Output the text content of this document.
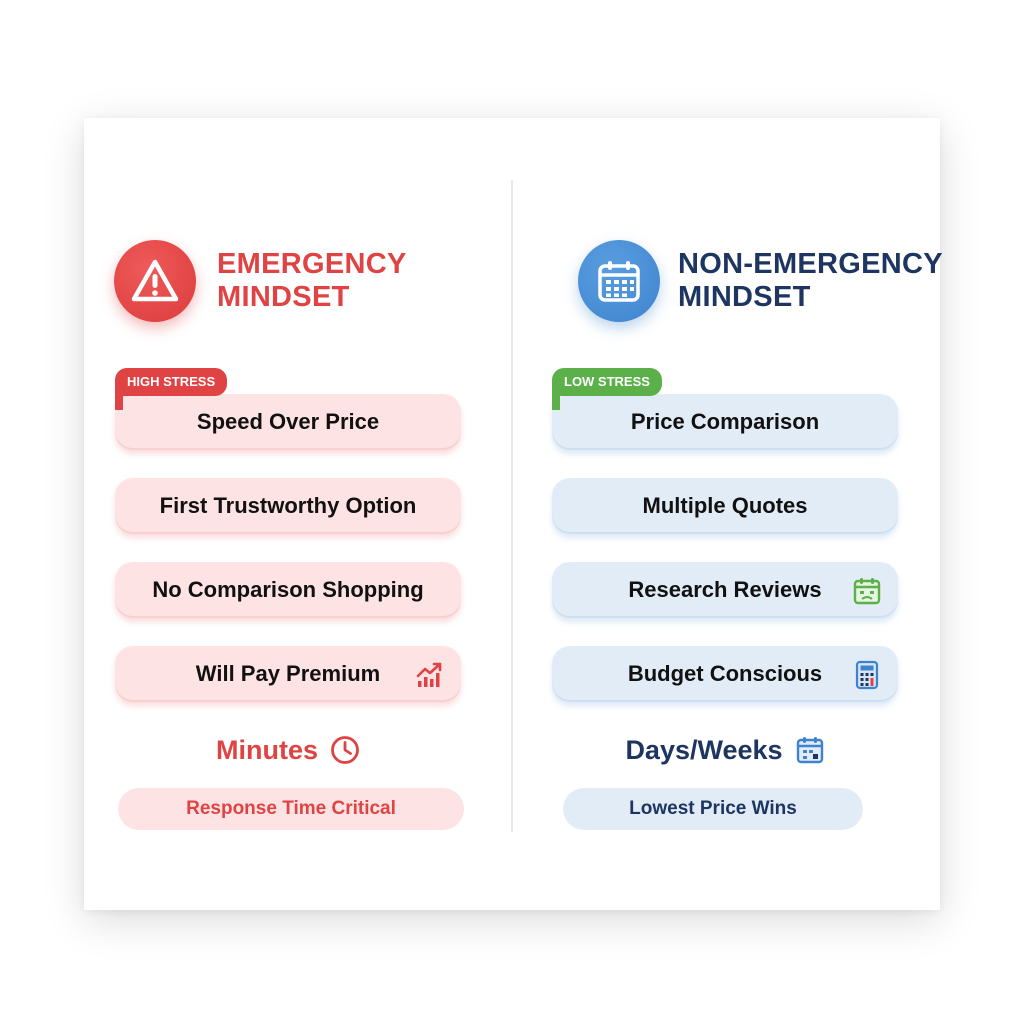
EMERGENCY
MINDSET
HIGH STRESS
Speed Over Price
First Trustworthy Option
No Comparison Shopping
Will Pay Premium
Minutes
Response Time Critical
NON-EMERGENCY
MINDSET
LOW STRESS
Price Comparison
Multiple Quotes
Research Reviews
Budget Conscious
Days/Weeks
Lowest Price Wins
